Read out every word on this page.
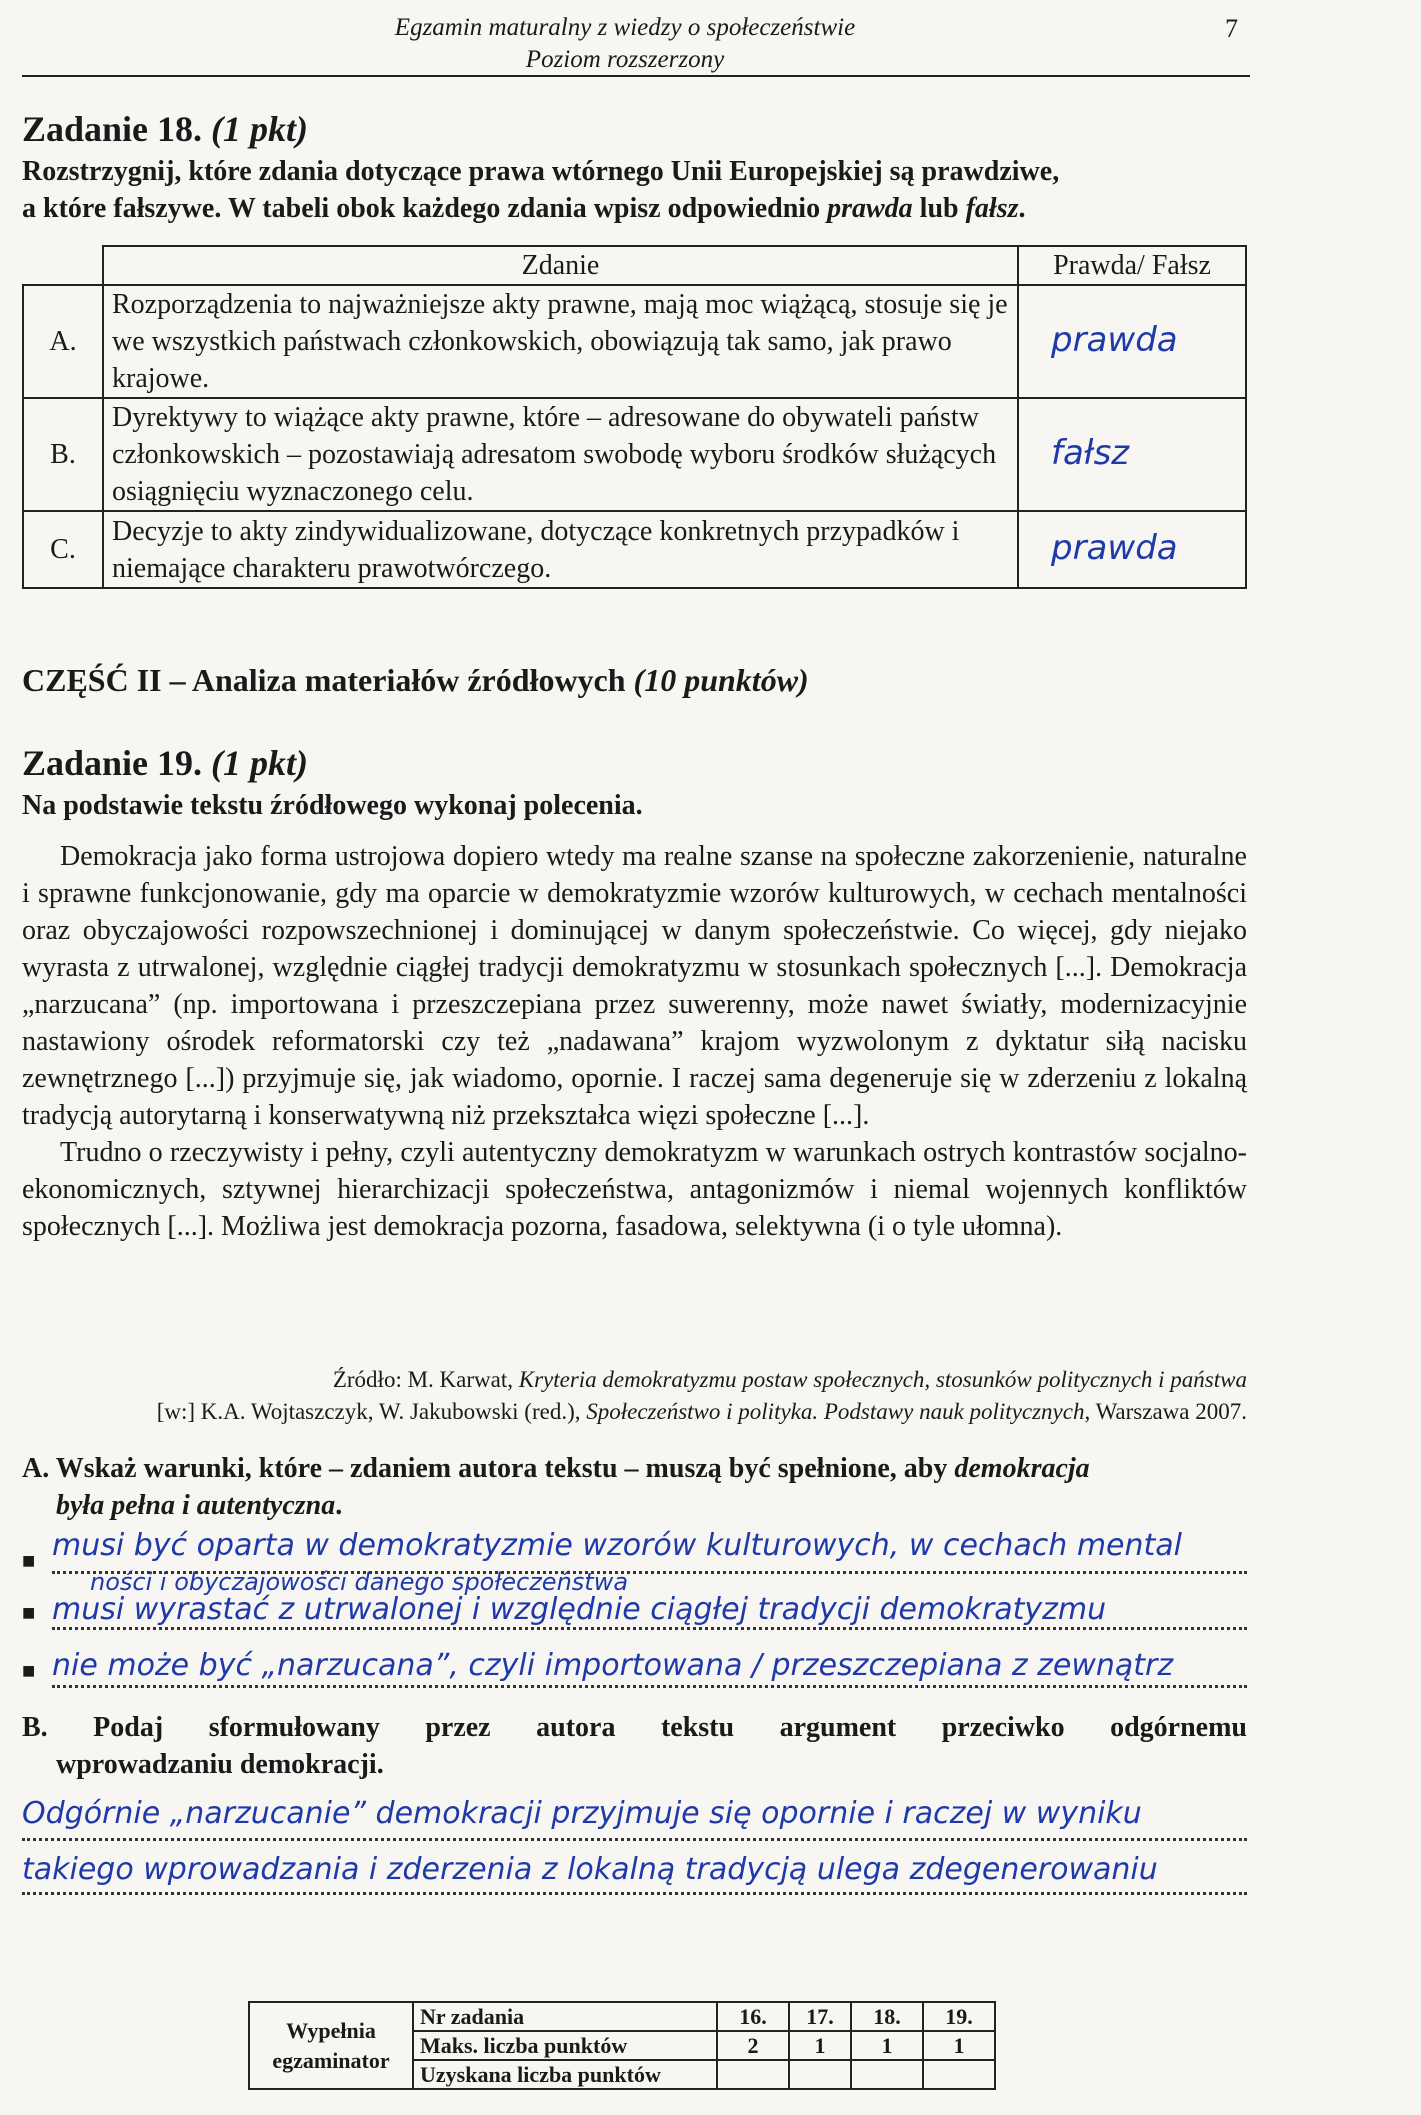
Egzamin maturalny z wiedzy o społeczeństwie
Poziom rozszerzony
7
Zadanie 18. (1 pkt)
Rozstrzygnij, które zdania dotyczące prawa wtórnego Unii Europejskiej są prawdziwe,
a które fałszywe. W tabeli obok każdego zdania wpisz odpowiednio prawda lub fałsz.
	Zdanie	Prawda/ Fałsz
A.	Rozporządzenia to najważniejsze akty prawne, mają moc wiążącą, stosuje się je we wszystkich państwach członkowskich, obowiązują tak samo, jak prawo krajowe.	prawda
B.	Dyrektywy to wiążące akty prawne, które – adresowane do obywateli państw członkowskich – pozostawiają adresatom swobodę wyboru środków służących osiągnięciu wyznaczonego celu.	fałsz
C.	Decyzje to akty zindywidualizowane, dotyczące konkretnych przypadków i niemające charakteru prawotwórczego.	prawda
CZĘŚĆ II – Analiza materiałów źródłowych (10 punktów)
Zadanie 19. (1 pkt)
Na podstawie tekstu źródłowego wykonaj polecenia.

Demokracja jako forma ustrojowa dopiero wtedy ma realne szanse na społeczne zakorzenienie, naturalne i sprawne funkcjonowanie, gdy ma oparcie w demokratyzmie wzorów kulturowych, w cechach mentalności oraz obyczajowości rozpowszechnionej i dominującej w danym społeczeństwie. Co więcej, gdy niejako wyrasta z utrwalonej, względnie ciągłej tradycji demokratyzmu w stosunkach społecznych [...]. Demokracja „narzucana” (np. importowana i przeszczepiana przez suwerenny, może nawet światły, modernizacyjnie nastawiony ośrodek reformatorski czy też „nadawana” krajom wyzwolonym z dyktatur siłą nacisku zewnętrznego [...]) przyjmuje się, jak wiadomo, opornie. I raczej sama degeneruje się w zderzeniu z lokalną tradycją autorytarną i konserwatywną niż przekształca więzi społeczne [...].

Trudno o rzeczywisty i pełny, czyli autentyczny demokratyzm w warunkach ostrych kontrastów socjalno-ekonomicznych, sztywnej hierarchizacji społeczeństwa, antagonizmów i niemal wojennych konfliktów społecznych [...]. Możliwa jest demokracja pozorna, fasadowa, selektywna (i o tyle ułomna).

Źródło: M. Karwat, Kryteria demokratyzmu postaw społecznych, stosunków politycznych i państwa
[w:] K.A. Wojtaszczyk, W. Jakubowski (red.), Społeczeństwo i polityka. Podstawy nauk politycznych, Warszawa 2007.
A. Wskaż warunki, które – zdaniem autora tekstu – muszą być spełnione, aby demokracja
była pełna i autentyczna.
■
■
■
musi być oparta w demokratyzmie wzorów kulturowych, w cechach mental
ności i obyczajowości danego społeczeństwa
musi wyrastać z utrwalonej i względnie ciągłej tradycji demokratyzmu
nie może być „narzucana”, czyli importowana / przeszczepiana z zewnątrz
B. Podaj sformułowany przez autora tekstu argument przeciwko odgórnemu
wprowadzaniu demokracji.
Odgórnie „narzucanie” demokracji przyjmuje się opornie i raczej w wyniku
takiego wprowadzania i zderzenia z lokalną tradycją ulega zdegenerowaniu
Wypełnia egzaminator	Nr zadania	16.	17.	18.	19.
	Maks. liczba punktów	2	1	1	1
	Uzyskana liczba punktów				
